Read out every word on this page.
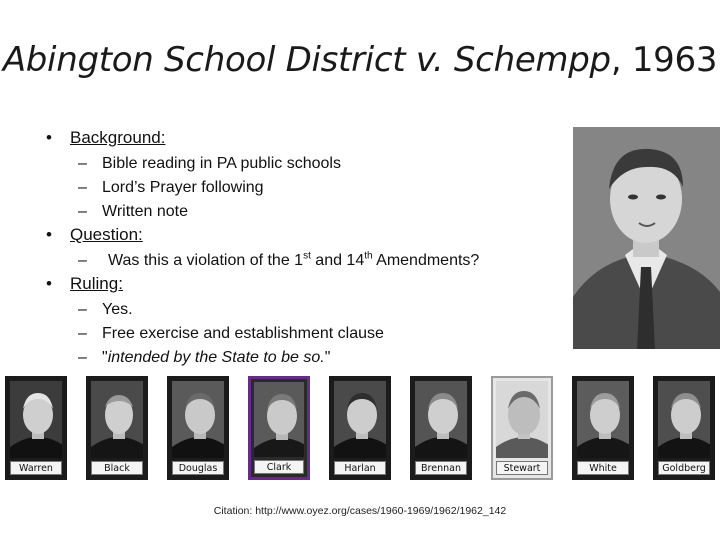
Abington School District v. Schempp, 1963
• Background:
– Bible reading in PA public schools
– Lord’s Prayer following
– Written note
• Question:
– Was this a violation of the 1st and 14th Amendments?
• Ruling:
– Yes.
– Free exercise and establishment clause
– "intended by the State to be so."
Warren	Black	Douglas	Clark	Harlan	Brennan	Stewart	White	Goldberg
Citation: http://www.oyez.org/cases/1960-1969/1962/1962_142
